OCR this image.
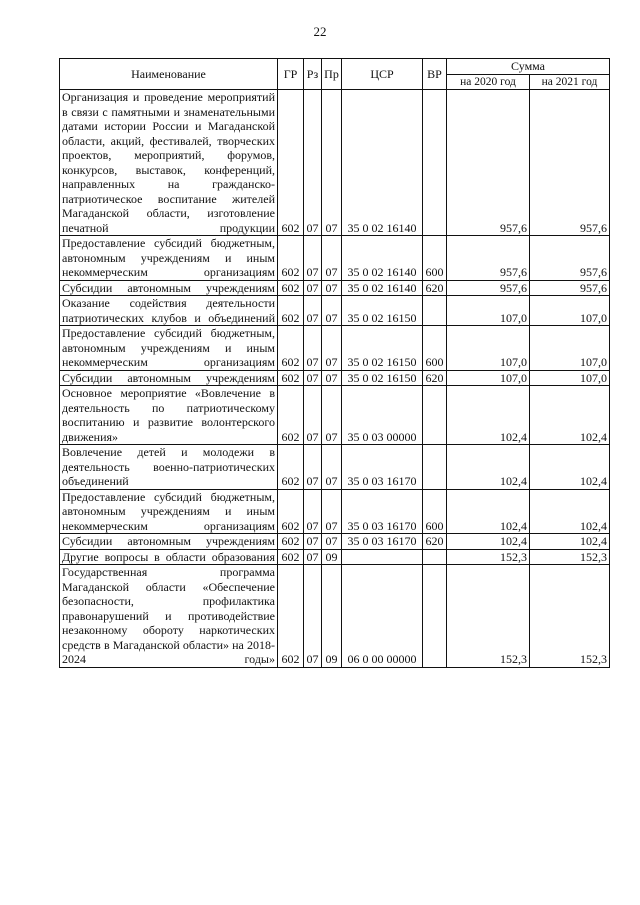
22
Наименование	ГР	Рз	Пр	ЦСР	ВР	Сумма	
						на 2020 год	на 2021 год
Организация и проведение мероприятий в связи с памятными и знаменательными датами истории России и Магаданской области, акций, фестивалей, творческих проектов, мероприятий, форумов, конкурсов, выставок, конференций, направленных на гражданско-патриотическое воспитание жителей Магаданской области, изготовление печатной продукции	602	07	07	35 0 02 16140		957,6	957,6
Предоставление субсидий бюджетным, автономным учреждениям и иным некоммерческим организациям	602	07	07	35 0 02 16140	600	957,6	957,6
Субсидии автономным учреждениям	602	07	07	35 0 02 16140	620	957,6	957,6
Оказание содействия деятельности патриотических клубов и объединений	602	07	07	35 0 02 16150		107,0	107,0
Предоставление субсидий бюджетным, автономным учреждениям и иным некоммерческим организациям	602	07	07	35 0 02 16150	600	107,0	107,0
Субсидии автономным учреждениям	602	07	07	35 0 02 16150	620	107,0	107,0
Основное мероприятие «Вовлечение в деятельность по патриотическому воспитанию и развитие волонтерского движения»	602	07	07	35 0 03 00000		102,4	102,4
Вовлечение детей и молодежи в деятельность военно-патриотических объединений	602	07	07	35 0 03 16170		102,4	102,4
Предоставление субсидий бюджетным, автономным учреждениям и иным некоммерческим организациям	602	07	07	35 0 03 16170	600	102,4	102,4
Субсидии автономным учреждениям	602	07	07	35 0 03 16170	620	102,4	102,4
Другие вопросы в области образования	602	07	09			152,3	152,3
Государственная программа Магаданской области «Обеспечение безопасности, профилактика правонарушений и противодействие незаконному обороту наркотических средств в Магаданской области» на 2018-2024 годы»	602	07	09	06 0 00 00000		152,3	152,3
